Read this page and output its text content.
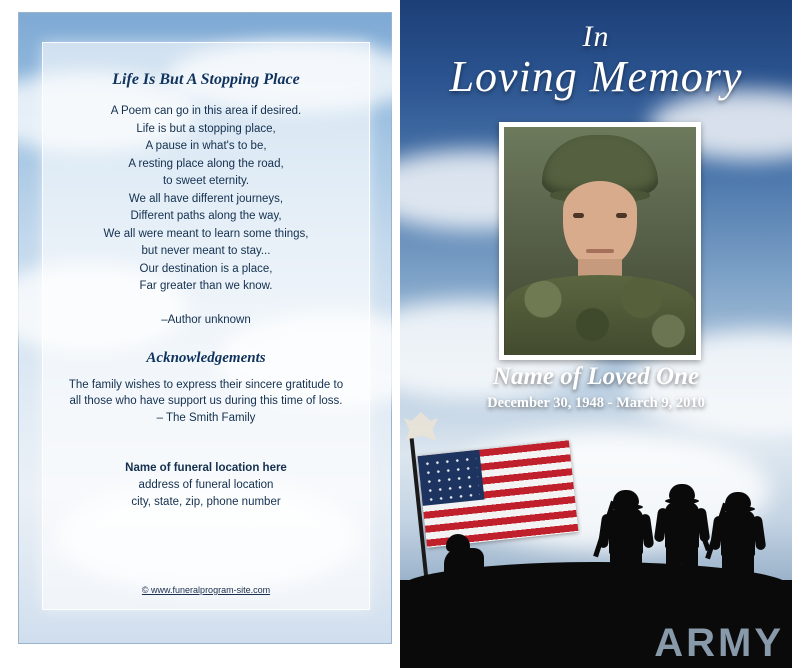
Life Is But A Stopping Place
A Poem can go in this area if desired.
Life is but a stopping place,
A pause in what's to be,
A resting place along the road,
to sweet eternity.
We all have different journeys,
Different paths along the way,
We all were meant to learn some things,
but never meant to stay...
Our destination is a place,
Far greater than we know.
–Author unknown
Acknowledgements
The family wishes to express their sincere gratitude to
all those who have support us during this time of loss.
– The Smith Family
Name of funeral location here
address of funeral location
city, state, zip, phone number
© www.funeralprogram-site.com
In
Loving Memory
Name of Loved One
December 30, 1948 - March 9, 2010
ARMY
